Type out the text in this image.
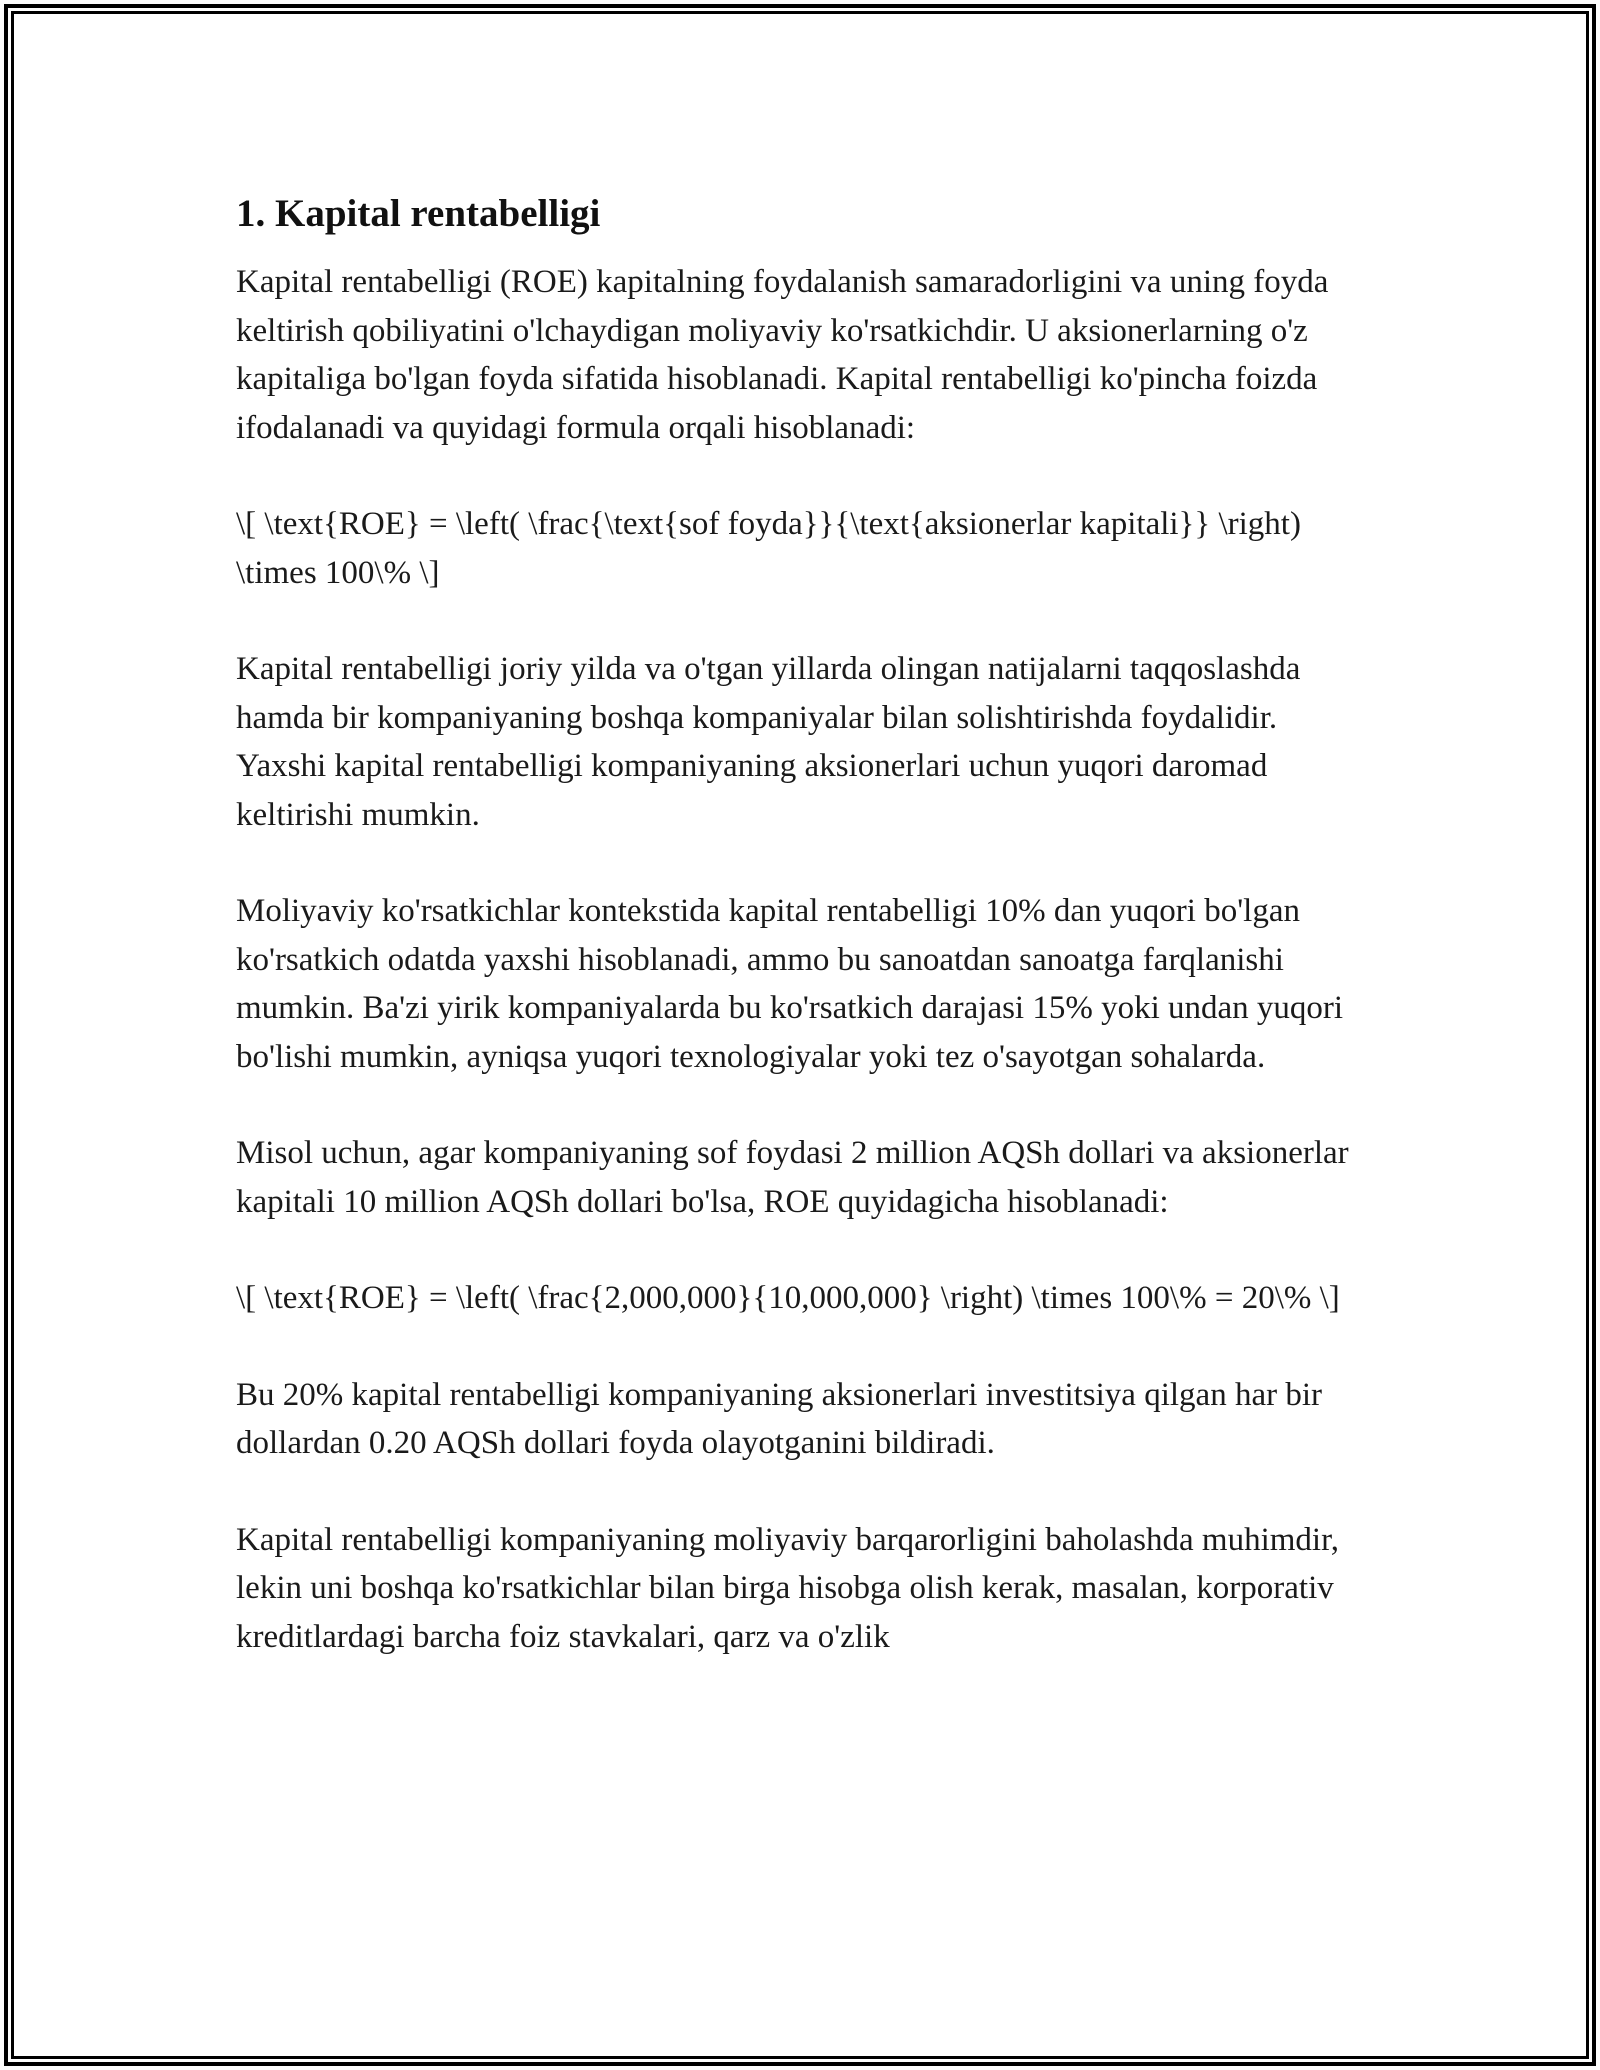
1. Kapital rentabelligi

Kapital rentabelligi (ROE) kapitalning foydalanish samaradorligini va uning foyda keltirish qobiliyatini o'lchaydigan moliyaviy ko'rsatkichdir. U aksionerlarning o'z kapitaliga bo'lgan foyda sifatida hisoblanadi. Kapital rentabelligi ko'pincha foizda ifodalanadi va quyidagi formula orqali hisoblanadi:

\[ \text{ROE} = \left( \frac{\text{sof foyda}}{\text{aksionerlar kapitali}} \right) \times 100\% \]

Kapital rentabelligi joriy yilda va o'tgan yillarda olingan natijalarni taqqoslashda hamda bir kompaniyaning boshqa kompaniyalar bilan solishtirishda foydalidir. Yaxshi kapital rentabelligi kompaniyaning aksionerlari uchun yuqori daromad keltirishi mumkin.

Moliyaviy ko'rsatkichlar kontekstida kapital rentabelligi 10% dan yuqori bo'lgan ko'rsatkich odatda yaxshi hisoblanadi, ammo bu sanoatdan sanoatga farqlanishi mumkin. Ba'zi yirik kompaniyalarda bu ko'rsatkich darajasi 15% yoki undan yuqori bo'lishi mumkin, ayniqsa yuqori texnologiyalar yoki tez o'sayotgan sohalarda.

Misol uchun, agar kompaniyaning sof foydasi 2 million AQSh dollari va aksionerlar kapitali 10 million AQSh dollari bo'lsa, ROE quyidagicha hisoblanadi:

\[ \text{ROE} = \left( \frac{2,000,000}{10,000,000} \right) \times 100\% = 20\% \]

Bu 20% kapital rentabelligi kompaniyaning aksionerlari investitsiya qilgan har bir dollardan 0.20 AQSh dollari foyda olayotganini bildiradi.

Kapital rentabelligi kompaniyaning moliyaviy barqarorligini baholashda muhimdir, lekin uni boshqa ko'rsatkichlar bilan birga hisobga olish kerak, masalan, korporativ kreditlardagi barcha foiz stavkalari, qarz va o'zlik
